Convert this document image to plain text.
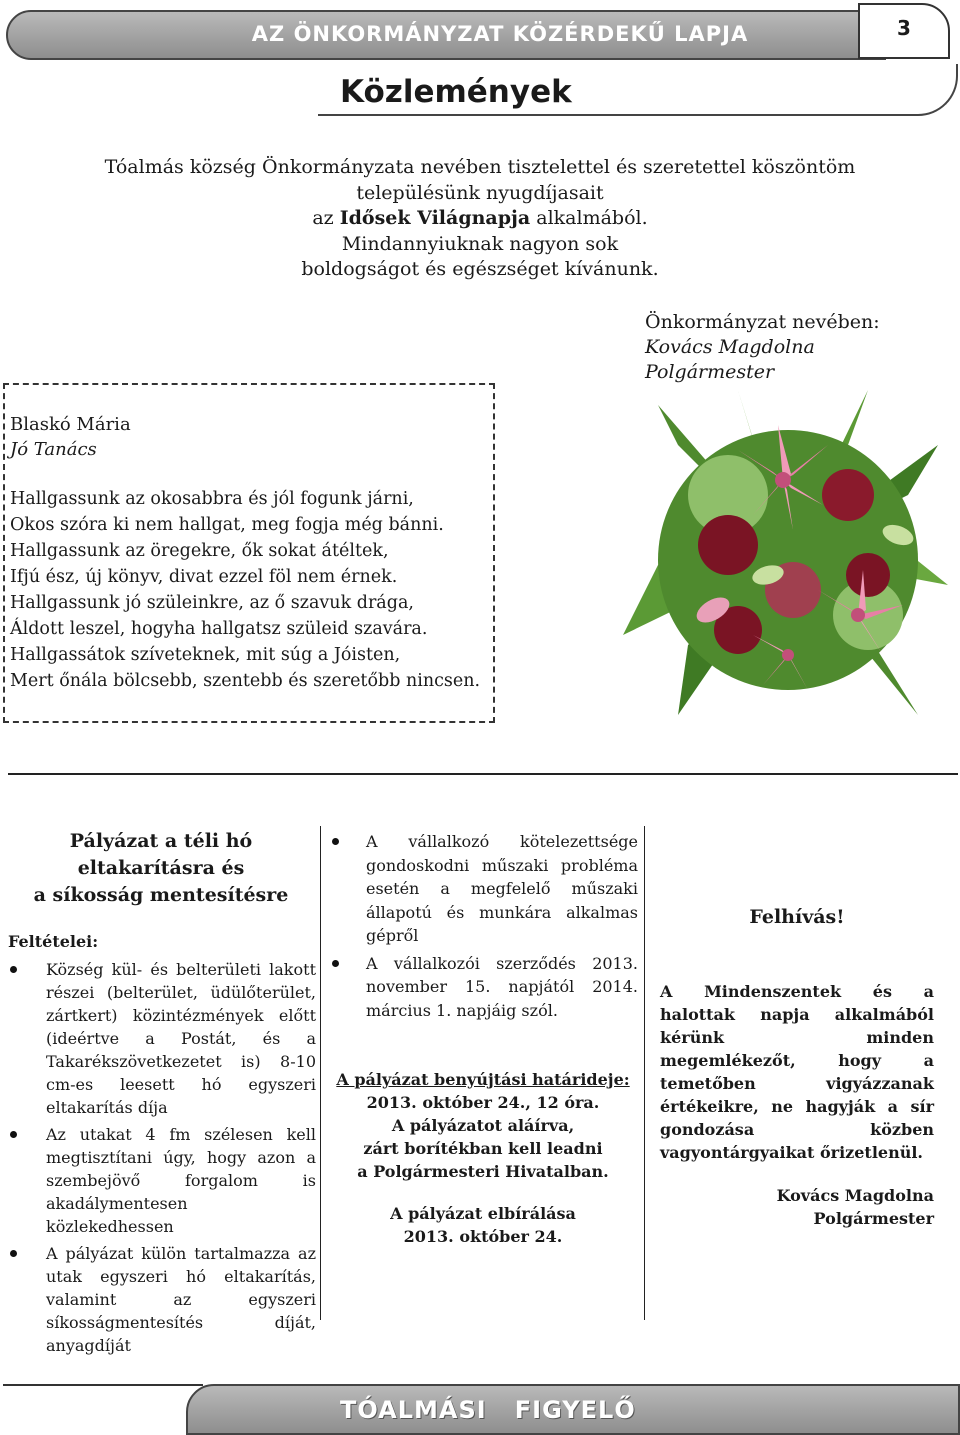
AZ ÖNKORMÁNYZAT KÖZÉRDEKŰ LAPJA	3
Közlemények
Tóalmás község Önkormányzata nevében tisztelettel és szeretettel köszöntöm
településünk nyugdíjasait
az Idősek Világnapja alkalmából.
Mindannyiuknak nagyon sok
boldogságot és egészséget kívánunk.
Önkormányzat nevében:
Kovács Magdolna
Polgármester
Blaskó Mária
Jó Tanács
Hallgassunk az okosabbra és jól fogunk járni,
Okos szóra ki nem hallgat, meg fogja még bánni.
Hallgassunk az öregekre, ők sokat átéltek,
Ifjú ész, új könyv, divat ezzel föl nem érnek.
Hallgassunk jó szüleinkre, az ő szavuk drága,
Áldott leszel, hogyha hallgatsz szüleid szavára.
Hallgassátok szíveteknek, mit súg a Jóisten,
Mert őnála bölcsebb, szentebb és szeretőbb nincsen.
Pályázat a téli hó
eltakarításra és
a síkosság mentesítésre
Feltételei:
Község kül- és belterületi lakott részei (belterület, üdülőterület, zártkert) közintézmények előtt (ideértve a Postát, és a Takarékszövetkezetet is) 8-10 cm-es leesett hó egyszeri eltakarítás díja
Az utakat 4 fm szélesen kell megtisztítani úgy, hogy azon a szembejövő forgalom is akadálymentesen közlekedhessen
A pályázat külön tartalmazza az utak egyszeri hó eltakarítás, valamint az egyszeri síkosságmentesítés díját, anyagdíját
A vállalkozó kötelezettsége gondoskodni műszaki probléma esetén a megfelelő műszaki állapotú és munkára alkalmas gépről
A vállalkozói szerződés 2013. november 15. napjától 2014. március 1. napjáig szól.
A pályázat benyújtási határideje:
2013. október 24., 12 óra.
A pályázatot aláírva,
zárt borítékban kell leadni
a Polgármesteri Hivatalban.
A pályázat elbírálása
2013. október 24.
Felhívás!
A Mindenszentek és a halottak napja alkalmából kérünk minden megemlékezőt, hogy a temetőben vigyázzanak értékeikre, ne hagyják a sír gondozása közben vagyontárgyaikat őrizetlenül.
Kovács Magdolna
Polgármester
TÓALMÁSI FIGYELŐ
